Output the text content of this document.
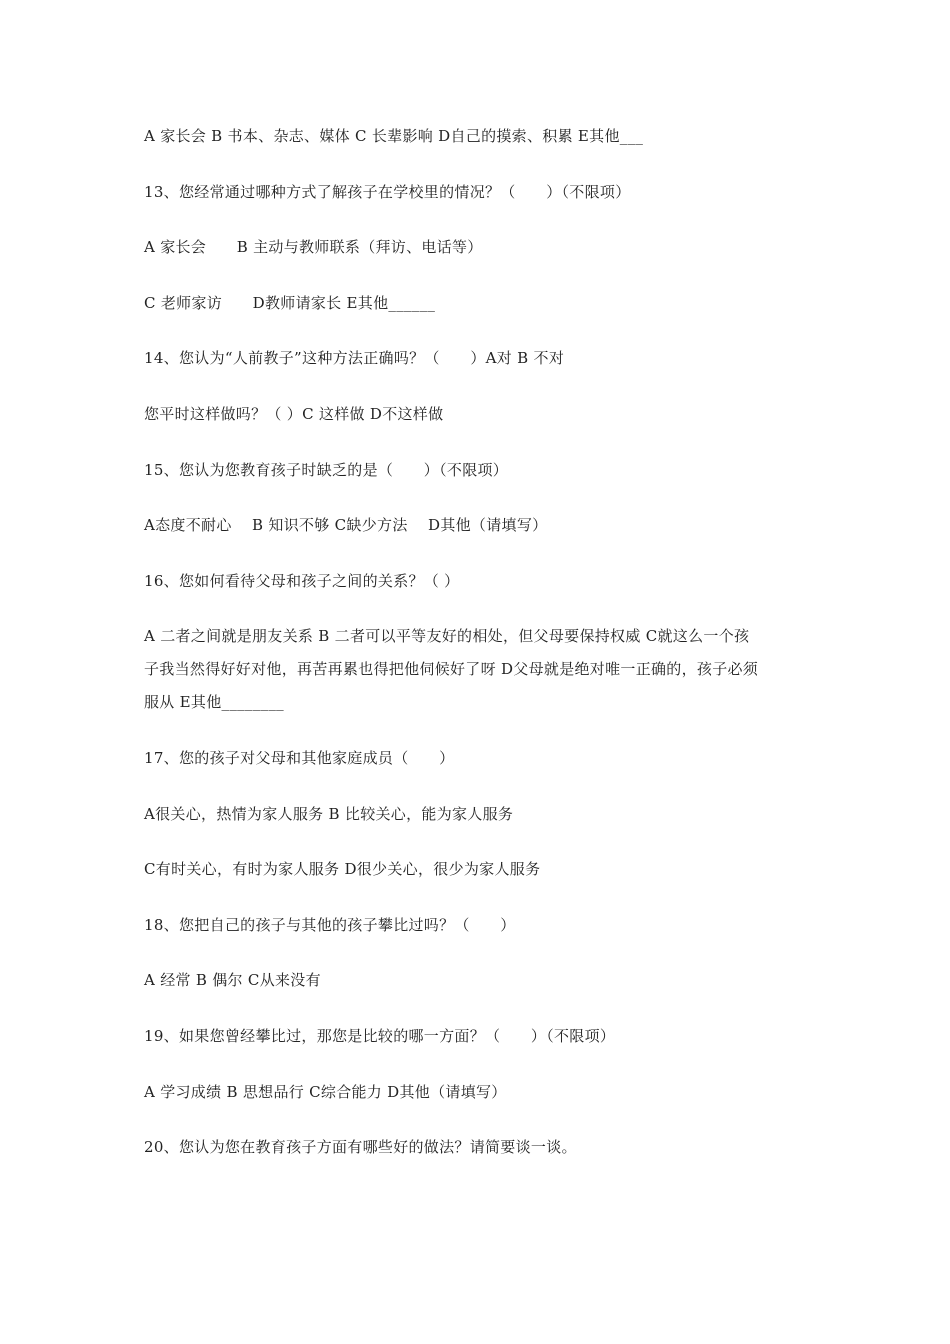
A 家长会 B 书本、杂志、媒体 C 长辈影响 D自己的摸索、积累 E其他___
13、您经常通过哪种方式了解孩子在学校里的情况？（　　）（不限项）
A 家长会　　B 主动与教师联系（拜访、电话等）
C 老师家访　　D教师请家长 E其他______
14、您认为“人前教子”这种方法正确吗？（　　）A对 B 不对
您平时这样做吗？（ ）C 这样做 D不这样做
15、您认为您教育孩子时缺乏的是（　　）（不限项）
A态度不耐心　 B 知识不够 C缺少方法　 D其他（请填写）
16、您如何看待父母和孩子之间的关系？（ ）
A 二者之间就是朋友关系 B 二者可以平等友好的相处，但父母要保持权威 C就这么一个孩
子我当然得好好对他，再苦再累也得把他伺候好了呀 D父母就是绝对唯一正确的，孩子必须
服从 E其他________
17、您的孩子对父母和其他家庭成员（　　）
A很关心，热情为家人服务 B 比较关心，能为家人服务
C有时关心，有时为家人服务 D很少关心，很少为家人服务
18、您把自己的孩子与其他的孩子攀比过吗？（　　）
A 经常 B 偶尔 C从来没有
19、如果您曾经攀比过，那您是比较的哪一方面？（　　）（不限项）
A 学习成绩 B 思想品行 C综合能力 D其他（请填写）
20、您认为您在教育孩子方面有哪些好的做法？请简要谈一谈。
